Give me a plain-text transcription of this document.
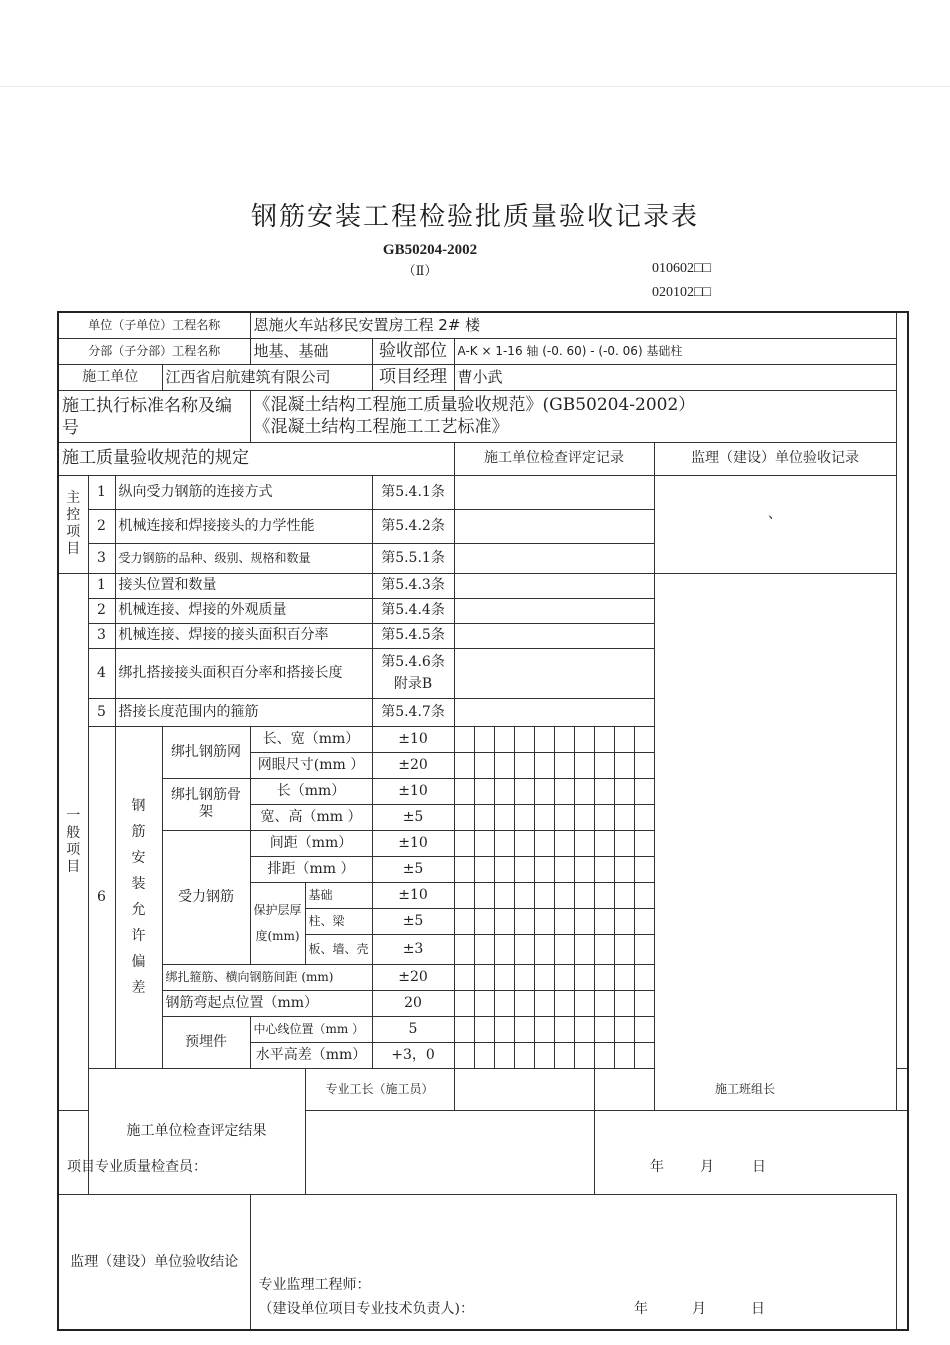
钢筋安装工程检验批质量验收记录表
GB50204-2002
（Ⅱ）	010602□□
020102□□
单位（子单位）工程名称				恩施火车站移民安置房工程 2# 楼														
分部（子分部）工程名称				地基、基础		验收部位	A-K × 1-16 轴 (-0. 60) - (-0. 06) 基础柱											
施工单位			江西省启航建筑有限公司			项目经理	曹小武											
施工执行标准名称及编号				《混凝土结构工程施工质量验收规范》(GB50204-2002）
《混凝土结构工程施工工艺标准》														

施工质量验收规范的规定							施工单位检查评定记录										监理（建设）单位验收记录	

主控项目	1	纵向受力钢筋的连接方式				第5.4.1条											、	
	2	机械连接和焊接接头的力学性能				第5.4.2条												
	3	受力钢筋的品种、级别、规格和数量				第5.5.1条												

一般项目	1	接头位置和数量				第5.4.3条												
	2	机械连接、焊接的外观质量				第5.4.4条												
	3	机械连接、焊接的接头面积百分率				第5.4.5条												
	4	绑扎搭接接头面积百分率和搭接长度				第5.4.6条
附录B												

	5	搭接长度范围内的箍筋				第5.4.7条												
	6	钢筋安装允许偏差	绑扎钢筋网	长、宽（mm）		±10												
				网眼尺寸(mm ）		±20												
			绑扎钢筋骨架	长（mm）		±10												
				宽、高（mm ）		±5												
			受力钢筋	间距（mm）		±10												
				排距（mm ）		±5												
				保护层厚度(mm)	基础	±10												
					柱、梁	±5												
					板、墙、壳	±3												
			绑扎箍筋、横向钢筋间距 (mm)			±20												
			钢筋弯起点位置（mm）			20												
			预埋件	中心线位置（mm ）		5												
				水平高差（mm）		+3，0												
	施工单位检查评定结果				专业工长（施工员）									施工班组长				
项目专业质量检查员： 年 月 日																		

监理（建设）单位验收结论				专业监理工程师：
（建设单位项目专业技术负责人)： 年 月 日														
